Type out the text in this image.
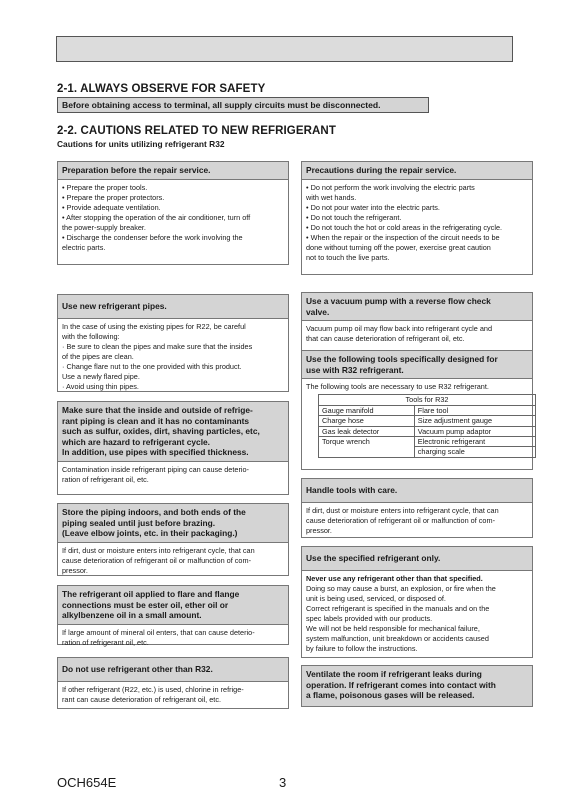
2-1. ALWAYS OBSERVE FOR SAFETY
Before obtaining access to terminal, all supply circuits must be disconnected.
2-2. CAUTIONS RELATED TO NEW REFRIGERANT
Cautions for units utilizing refrigerant R32
Preparation before the repair service.
• Prepare the proper tools.
• Prepare the proper protectors.
• Provide adequate ventilation.
• After stopping the operation of the air conditioner, turn off
the power-supply breaker.
• Discharge the condenser before the work involving the
electric parts.
Precautions during the repair service.
• Do not perform the work involving the electric parts
with wet hands.
• Do not pour water into the electric parts.
• Do not touch the refrigerant.
• Do not touch the hot or cold areas in the refrigerating cycle.
• When the repair or the inspection of the circuit needs to be
done without turning off the power, exercise great caution
not to touch the live parts.
Use new refrigerant pipes.
In the case of using the existing pipes for R22, be careful
with the following:
· Be sure to clean the pipes and make sure that the insides
of the pipes are clean.
· Change flare nut to the one provided with this product.
Use a newly flared pipe.
· Avoid using thin pipes.
Make sure that the inside and outside of refrige-
rant piping is clean and it has no contaminants
such as sulfur, oxides, dirt, shaving particles, etc,
which are hazard to refrigerant cycle.
In addition, use pipes with specified thickness.
Contamination inside refrigerant piping can cause deterio-
ration of refrigerant oil, etc.
Store the piping indoors, and both ends of the
piping sealed until just before brazing.
(Leave elbow joints, etc. in their packaging.)
If dirt, dust or moisture enters into refrigerant cycle, that can
cause deterioration of refrigerant oil or malfunction of com-
pressor.
The refrigerant oil applied to flare and flange
connections must be ester oil, ether oil or
alkylbenzene oil in a small amount.
If large amount of mineral oil enters, that can cause deterio-
ration of refrigerant oil, etc.
Do not use refrigerant other than R32.
If other refrigerant (R22, etc.) is used, chlorine in refrige-
rant can cause deterioration of refrigerant oil, etc.
Use a vacuum pump with a reverse flow check
valve.
Vacuum pump oil may flow back into refrigerant cycle and
that can cause deterioration of refrigerant oil, etc.
Use the following tools specifically designed for
use with R32 refrigerant.
The following tools are necessary to use R32 refrigerant.
Tools for R32	
Gauge manifold	Flare tool
Charge hose	Size adjustment gauge
Gas leak detector	Vacuum pump adaptor
Torque wrench	Electronic refrigerant
	charging scale
Handle tools with care.
If dirt, dust or moisture enters into refrigerant cycle, that can
cause deterioration of refrigerant oil or malfunction of com-
pressor.
Use the specified refrigerant only.
Never use any refrigerant other than that specified.
Doing so may cause a burst, an explosion, or fire when the
unit is being used, serviced, or disposed of.
Correct refrigerant is specified in the manuals and on the
spec labels provided with our products.
We will not be held responsible for mechanical failure,
system malfunction, unit breakdown or accidents caused
by failure to follow the instructions.
Ventilate the room if refrigerant leaks during
operation. If refrigerant comes into contact with
a flame, poisonous gases will be released.
OCH654E	3
